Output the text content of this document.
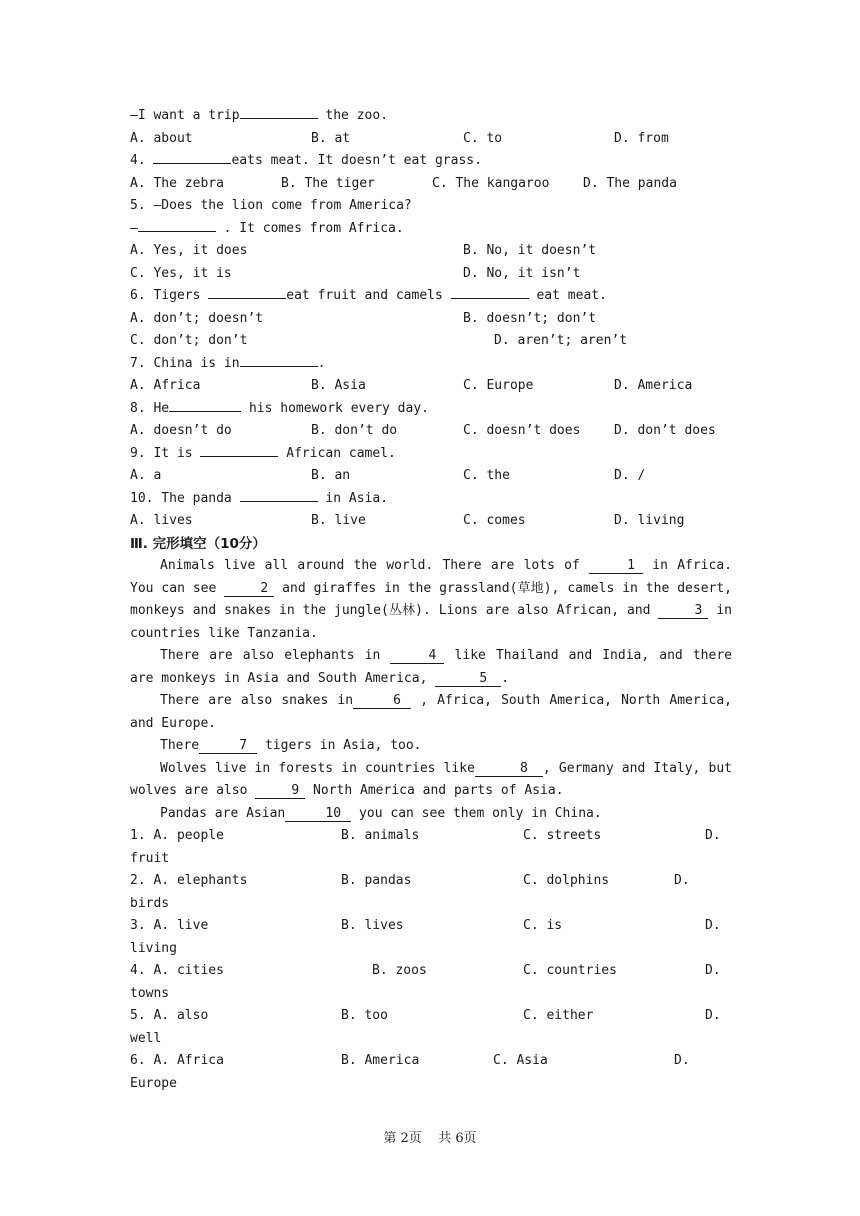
—I want a trip	the zoo.

A. about

	B. at

	C. to

	D. from

4.	eats meat. It doesn’t eat grass.

A. The zebra

	B. The tiger

	C. The kangaroo

	D. The panda

5. —Does the lion come from America?
—	. It comes from Africa.

A. Yes, it does

	B. No, it doesn’t

C. Yes, it is

	D. No, it isn’t

6. Tigers	eat fruit and camels	eat meat.

A. don’t; doesn’t

	B. doesn’t; don’t

C. don’t; don’t

	D. aren’t; aren’t

7. China is in	.

A. Africa

	B. Asia

	C. Europe

	D. America

8. He	his homework every day.

A. doesn’t do

	B. don’t do

	C. doesn’t does

	D. don’t does

9. It is	African camel.

A. a

	B. an

	C. the

	D. /

10. The panda	in Asia.

A. lives

	B. live

	C. comes

	D. living

Ⅲ. 完形填空（10分）

Animals live all around the world. There are lots of	1 in Africa. You can see	2 and giraffes in the grassland(草地), camels in the desert, monkeys and snakes in the jungle(丛林). Lions are also African, and	3 in countries like Tanzania.

There are also elephants in	4 like Thailand and India, and there are monkeys in Asia and South America,	5 .

There are also snakes in	6 , Africa, South America, North America, and Europe.

There	7 tigers in Asia, too.

Wolves live in forests in countries like	8 , Germany and Italy, but wolves are also	9 North America and parts of Asia.

Pandas are Asian	10 you can see them only in China.

1. A. people

	B. animals

	C. streets

	D.

fruit

2. A. elephants

	B. pandas

	C. dolphins

	D.

birds

3. A. live

	B. lives

	C. is

	D.

living

4. A. cities

	B. zoos

	C. countries

	D.

towns

5. A. also

	B. too

	C. either

	D.

well

6. A. Africa

	B. America

	C. Asia

	D.

Europe
第 2页 共 6页
